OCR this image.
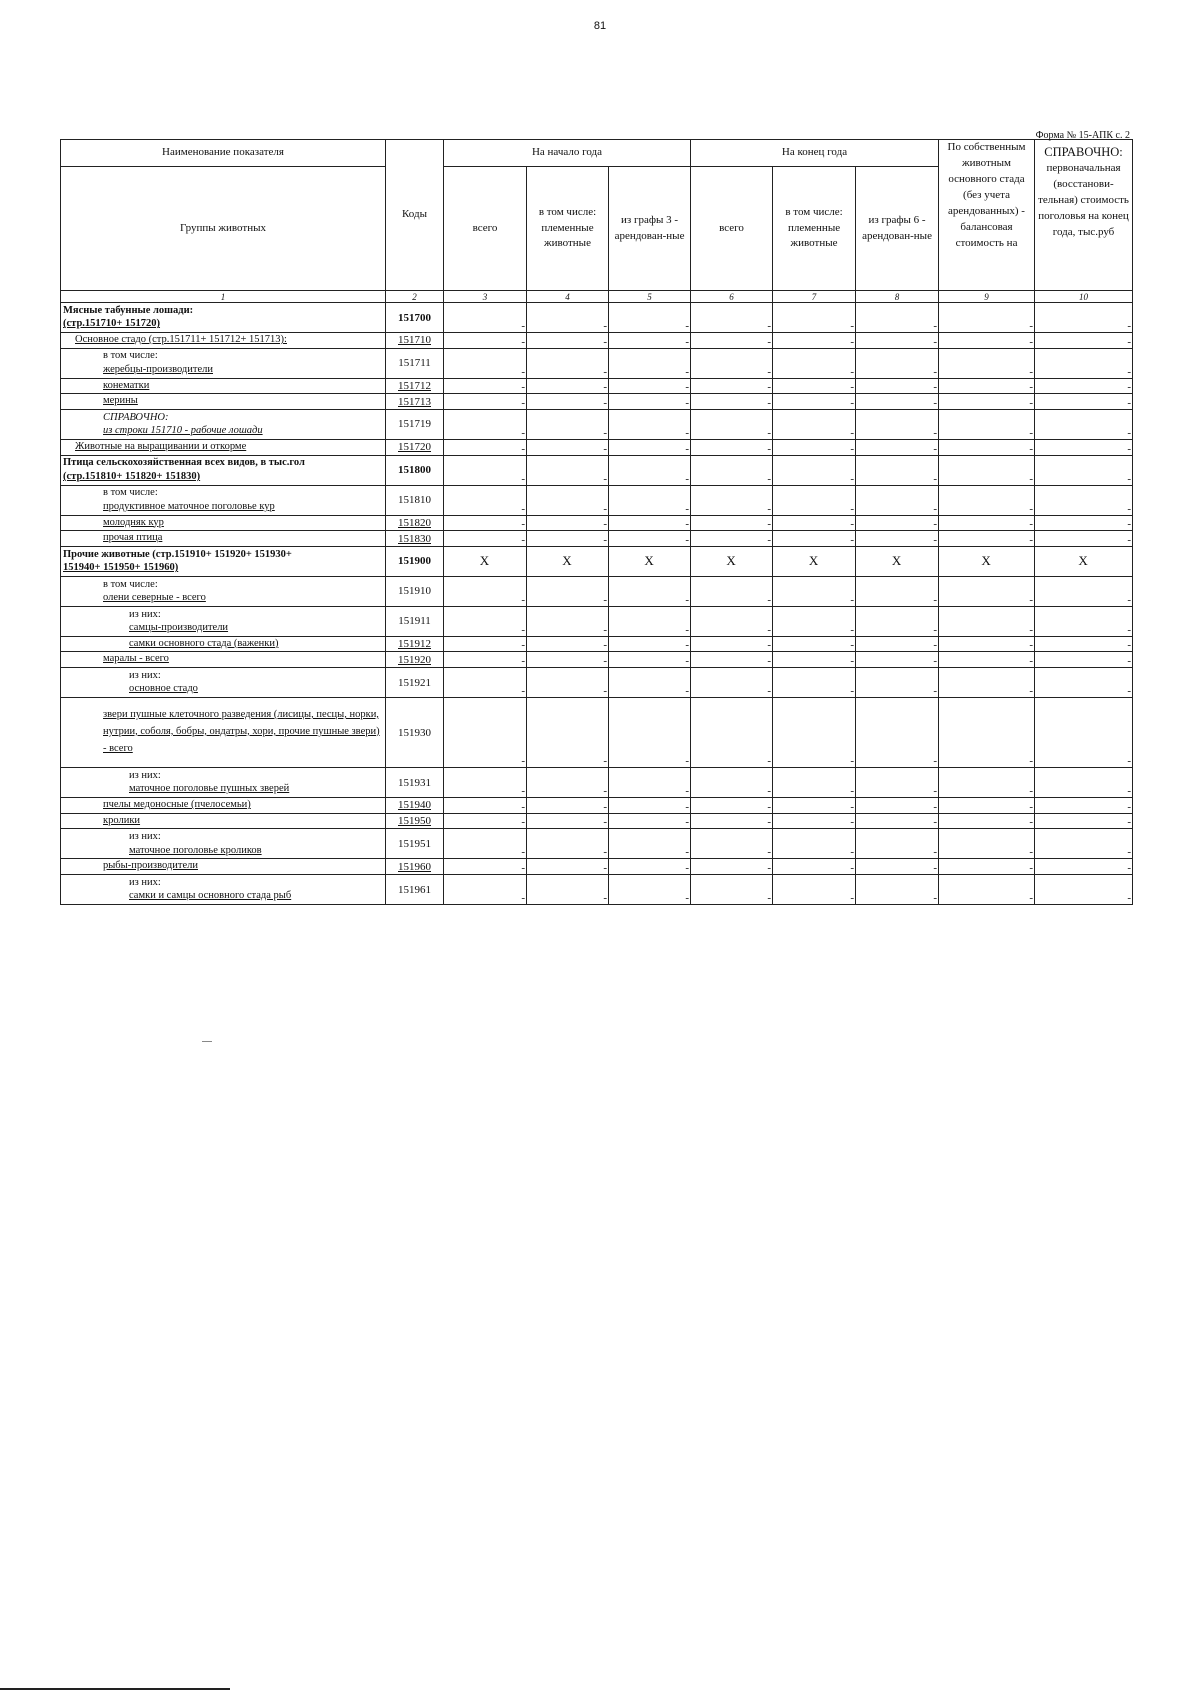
81
Форма № 15-АПК с. 2
Наименование показателя	Коды	На начало года			На конец года			По собственным животным основного стада (без учета арендованных) - балансовая стоимость на	СПРАВОЧНО:
первоначальная (восстанови-тельная) стоимость поголовья на конец года, тыс.руб

Группы животных		всего	в том числе: племенные животные	из графы 3 - арендован-ные	всего	в том числе: племенные животные	из графы 6 - арендован-ные		
1	2	3	4	5	6	7	8	9	10

Мясные табунные лошади:
(стр.151710+ 151720)	151700	-	-	-	-	-	-	-	-

Основное стадо (стр.151711+ 151712+ 151713):	151710	-	-	-	-	-	-	-	-

в том числе:
жеребцы-производители	151711	-	-	-	-	-	-	-	-

конематки	151712	-	-	-	-	-	-	-	-

мерины	151713	-	-	-	-	-	-	-	-

СПРАВОЧНО:
из строки 151710 - рабочие лошади	151719	-	-	-	-	-	-	-	-

Животные на выращивании и откорме	151720	-	-	-	-	-	-	-	-

Птица сельскохозяйственная всех видов, в тыс.гол
(стр.151810+ 151820+ 151830)	151800	-	-	-	-	-	-	-	-

в том числе:
продуктивное маточное поголовье кур	151810	-	-	-	-	-	-	-	-

молодняк кур	151820	-	-	-	-	-	-	-	-

прочая птица	151830	-	-	-	-	-	-	-	-

Прочие животные (стр.151910+ 151920+ 151930+
151940+ 151950+ 151960)	151900	X	X	X	X	X	X	X	X

в том числе:
олени северные - всего	151910	-	-	-	-	-	-	-	-

из них:
самцы-производители	151911	-	-	-	-	-	-	-	-

самки основного стада (важенки)	151912	-	-	-	-	-	-	-	-

маралы - всего	151920	-	-	-	-	-	-	-	-

из них:
основное стадо	151921	-	-	-	-	-	-	-	-

звери пушные клеточного разведения (лисицы, песцы, норки, нутрии, соболя, бобры, ондатры, хори, прочие пушные звери) - всего	151930	-	-	-	-	-	-	-	-

из них:
маточное поголовье пушных зверей	151931	-	-	-	-	-	-	-	-

пчелы медоносные (пчелосемьи)	151940	-	-	-	-	-	-	-	-

кролики	151950	-	-	-	-	-	-	-	-

из них:
маточное поголовье кроликов	151951	-	-	-	-	-	-	-	-

рыбы-производители	151960	-	-	-	-	-	-	-	-

из них:
самки и самцы основного стада рыб	151961	-	-	-	-	-	-	-	-
